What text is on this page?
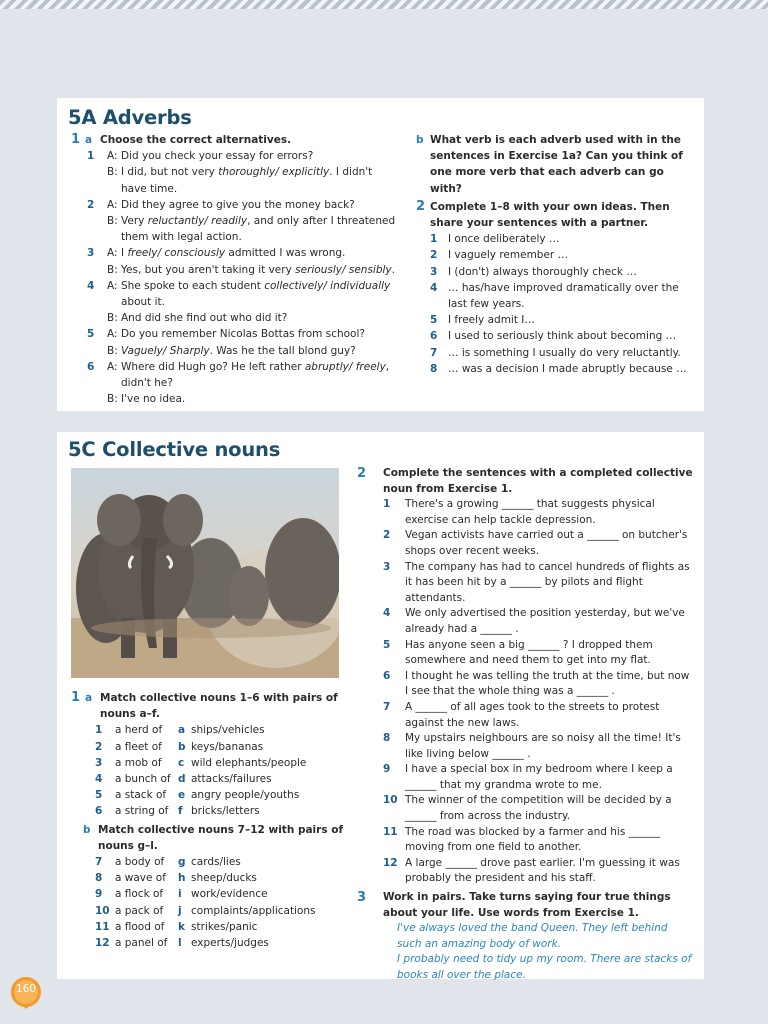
5A Adverbs
1 a Choose the correct alternatives.
1	A: Did you check your essay for errors?
B: I did, but not very thoroughly/ explicitly. I didn't have time.
2	A: Did they agree to give you the money back?
B: Very reluctantly/ readily, and only after I threatened them with legal action.
3	A: I freely/ consciously admitted I was wrong.
B: Yes, but you aren't taking it very seriously/ sensibly.
4	A: She spoke to each student collectively/ individually about it.
B: And did she find out who did it?
5	A: Do you remember Nicolas Bottas from school?
B: Vaguely/ Sharply. Was he the tall blond guy?
6	A: Where did Hugh go? He left rather abruptly/ freely, didn't he?
B: I've no idea.
b What verb is each adverb used with in the sentences in Exercise 1a? Can you think of one more verb that each adverb can go with?
2 Complete 1–8 with your own ideas. Then share your sentences with a partner.
1	I once deliberately …
2	I vaguely remember …
3	I (don't) always thoroughly check …
4	… has/have improved dramatically over the last few years.
5	I freely admit I…
6	I used to seriously think about becoming …
7	… is something I usually do very reluctantly.
8	… was a decision I made abruptly because …
5C Collective nouns
1 a Match collective nouns 1–6 with pairs of nouns a–f.
1	a herd of	a ships/vehicles
2	a fleet of	b keys/bananas
3	a mob of	c wild elephants/people
4	a bunch of d attacks/failures
5	a stack of	e angry people/youths
6	a string of f bricks/letters
b Match collective nouns 7–12 with pairs of nouns g–l.
7	a body of	g cards/lies
8	a wave of	h sheep/ducks
9	a flock of	i work/evidence
10 a pack of	j complaints/applications
11 a flood of	k strikes/panic
12 a panel of	l experts/judges
2	Complete the sentences with a completed collective noun from Exercise 1.
1	There's a growing ______ that suggests physical exercise can help tackle depression.
2	Vegan activists have carried out a ______ on butcher's shops over recent weeks.
3	The company has had to cancel hundreds of flights as it has been hit by a ______ by pilots and flight attendants.
4	We only advertised the position yesterday, but we've already had a ______ .
5	Has anyone seen a big ______ ? I dropped them somewhere and need them to get into my flat.
6	I thought he was telling the truth at the time, but now I see that the whole thing was a ______ .
7	A ______ of all ages took to the streets to protest against the new laws.
8	My upstairs neighbours are so noisy all the time! It's like living below ______ .
9	I have a special box in my bedroom where I keep a ______ that my grandma wrote to me.
10 The winner of the competition will be decided by a ______ from across the industry.
11 The road was blocked by a farmer and his ______ moving from one field to another.
12 A large ______ drove past earlier. I'm guessing it was probably the president and his staff.
3	Work in pairs. Take turns saying four true things about your life. Use words from Exercise 1.
I've always loved the band Queen. They left behind such an amazing body of work.
I probably need to tidy up my room. There are stacks of books all over the place.
160
